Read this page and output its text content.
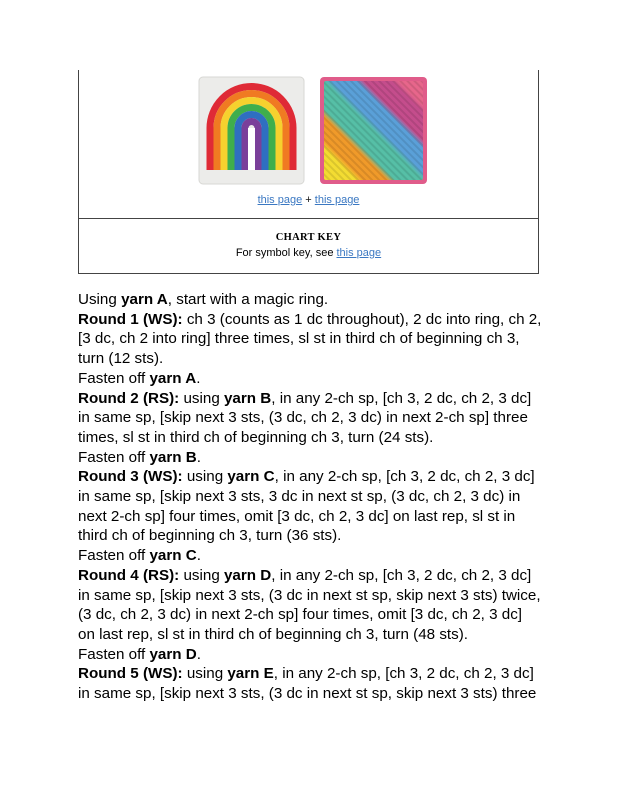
this page + this page
CHART KEY
For symbol key, see this page

Using yarn A, start with a magic ring.

Round 1 (WS): ch 3 (counts as 1 dc throughout), 2 dc into ring, ch 2,

[3 dc, ch 2 into ring] three times, sl st in third ch of beginning ch 3,

turn (12 sts).

Fasten off yarn A.

Round 2 (RS): using yarn B, in any 2-ch sp, [ch 3, 2 dc, ch 2, 3 dc]

in same sp, [skip next 3 sts, (3 dc, ch 2, 3 dc) in next 2-ch sp] three

times, sl st in third ch of beginning ch 3, turn (24 sts).

Fasten off yarn B.

Round 3 (WS): using yarn C, in any 2-ch sp, [ch 3, 2 dc, ch 2, 3 dc]

in same sp, [skip next 3 sts, 3 dc in next st sp, (3 dc, ch 2, 3 dc) in

next 2-ch sp] four times, omit [3 dc, ch 2, 3 dc] on last rep, sl st in

third ch of beginning ch 3, turn (36 sts).

Fasten off yarn C.

Round 4 (RS): using yarn D, in any 2-ch sp, [ch 3, 2 dc, ch 2, 3 dc]

in same sp, [skip next 3 sts, (3 dc in next st sp, skip next 3 sts) twice,

(3 dc, ch 2, 3 dc) in next 2-ch sp] four times, omit [3 dc, ch 2, 3 dc]

on last rep, sl st in third ch of beginning ch 3, turn (48 sts).

Fasten off yarn D.

Round 5 (WS): using yarn E, in any 2-ch sp, [ch 3, 2 dc, ch 2, 3 dc]

in same sp, [skip next 3 sts, (3 dc in next st sp, skip next 3 sts) three
